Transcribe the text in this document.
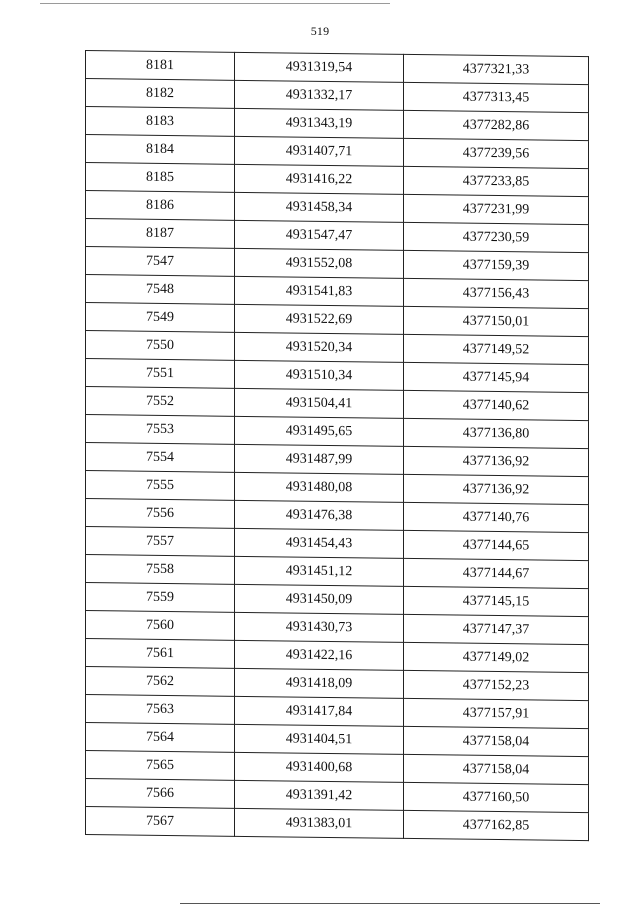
519
8181	4931319,54	4377321,33
8182	4931332,17	4377313,45
8183	4931343,19	4377282,86
8184	4931407,71	4377239,56
8185	4931416,22	4377233,85
8186	4931458,34	4377231,99
8187	4931547,47	4377230,59
7547	4931552,08	4377159,39
7548	4931541,83	4377156,43
7549	4931522,69	4377150,01
7550	4931520,34	4377149,52
7551	4931510,34	4377145,94
7552	4931504,41	4377140,62
7553	4931495,65	4377136,80
7554	4931487,99	4377136,92
7555	4931480,08	4377136,92
7556	4931476,38	4377140,76
7557	4931454,43	4377144,65
7558	4931451,12	4377144,67
7559	4931450,09	4377145,15
7560	4931430,73	4377147,37
7561	4931422,16	4377149,02
7562	4931418,09	4377152,23
7563	4931417,84	4377157,91
7564	4931404,51	4377158,04
7565	4931400,68	4377158,04
7566	4931391,42	4377160,50
7567	4931383,01	4377162,85
